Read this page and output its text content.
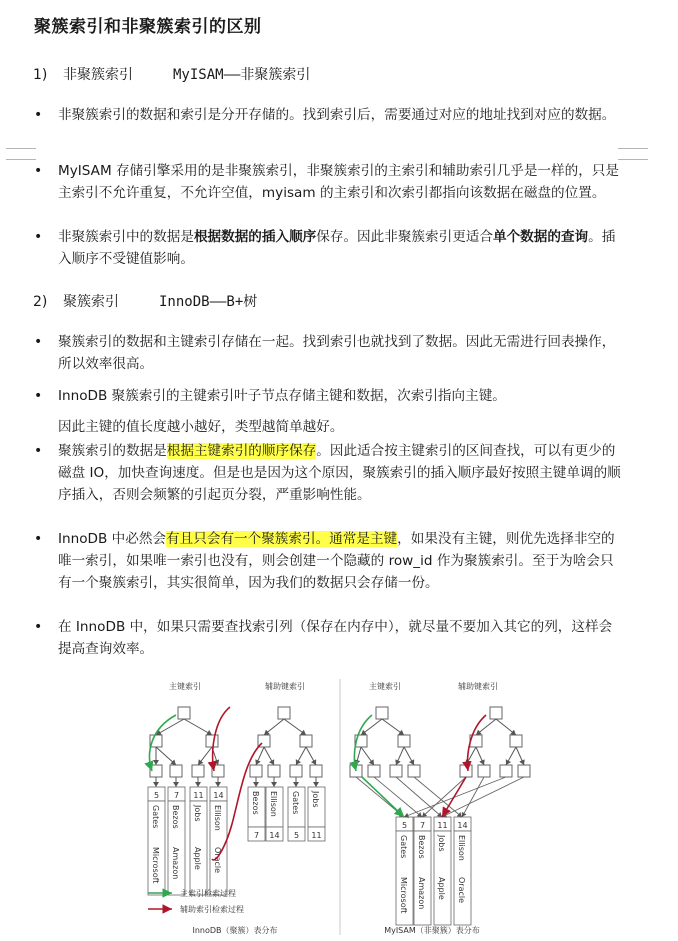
聚簇索引和非聚簇索引的区别
1) 非聚簇索引	MyISAM——非聚簇索引
• 非聚簇索引的数据和索引是分开存储的。找到索引后，需要通过对应的地址找到对应的数据。
• MyISAM 存储引擎采用的是非聚簇索引，非聚簇索引的主索引和辅助索引几乎是一样的，只是主索引不允许重复，不允许空值，myisam 的主索引和次索引都指向该数据在磁盘的位置。
• 非聚簇索引中的数据是根据数据的插入顺序保存。因此非聚簇索引更适合单个数据的查询。插入顺序不受键值影响。
2) 聚簇索引	InnoDB——B+树
• 聚簇索引的数据和主键索引存储在一起。找到索引也就找到了数据。因此无需进行回表操作，所以效率很高。
• InnoDB 聚簇索引的主键索引叶子节点存储主键和数据，次索引指向主键。
因此主键的值长度越小越好，类型越简单越好。
• 聚簇索引的数据是根据主键索引的顺序保存。因此适合按主键索引的区间查找，可以有更少的磁盘 IO，加快查询速度。但是也是因为这个原因，聚簇索引的插入顺序最好按照主键单调的顺序插入，否则会频繁的引起页分裂，严重影响性能。
• InnoDB 中必然会有且只会有一个聚簇索引。通常是主键，如果没有主键，则优先选择非空的唯一索引，如果唯一索引也没有，则会创建一个隐藏的 row_id 作为聚簇索引。至于为啥会只有一个聚簇索引，其实很简单，因为我们的数据只会存储一份。
• 在 InnoDB 中，如果只需要查找索引列（保存在内存中），就尽量不要加入其它的列，这样会提高查询效率。
主键索引	辅助键索引
5
Gates
Microsoft
7
Bezos
Amazon
11
Jobs
Apple
14
Ellison
Oracle
Bezos
7
Ellison
14
Gates
5
Jobs
11
主索引检索过程
辅助索引检索过程
InnoDB（聚簇）表分布
主键索引	辅助键索引
5
Gates
Microsoft
7
Bezos
Amazon
11
Jobs
Apple
14
Ellison
Oracle
MyISAM（非聚簇）表分布
